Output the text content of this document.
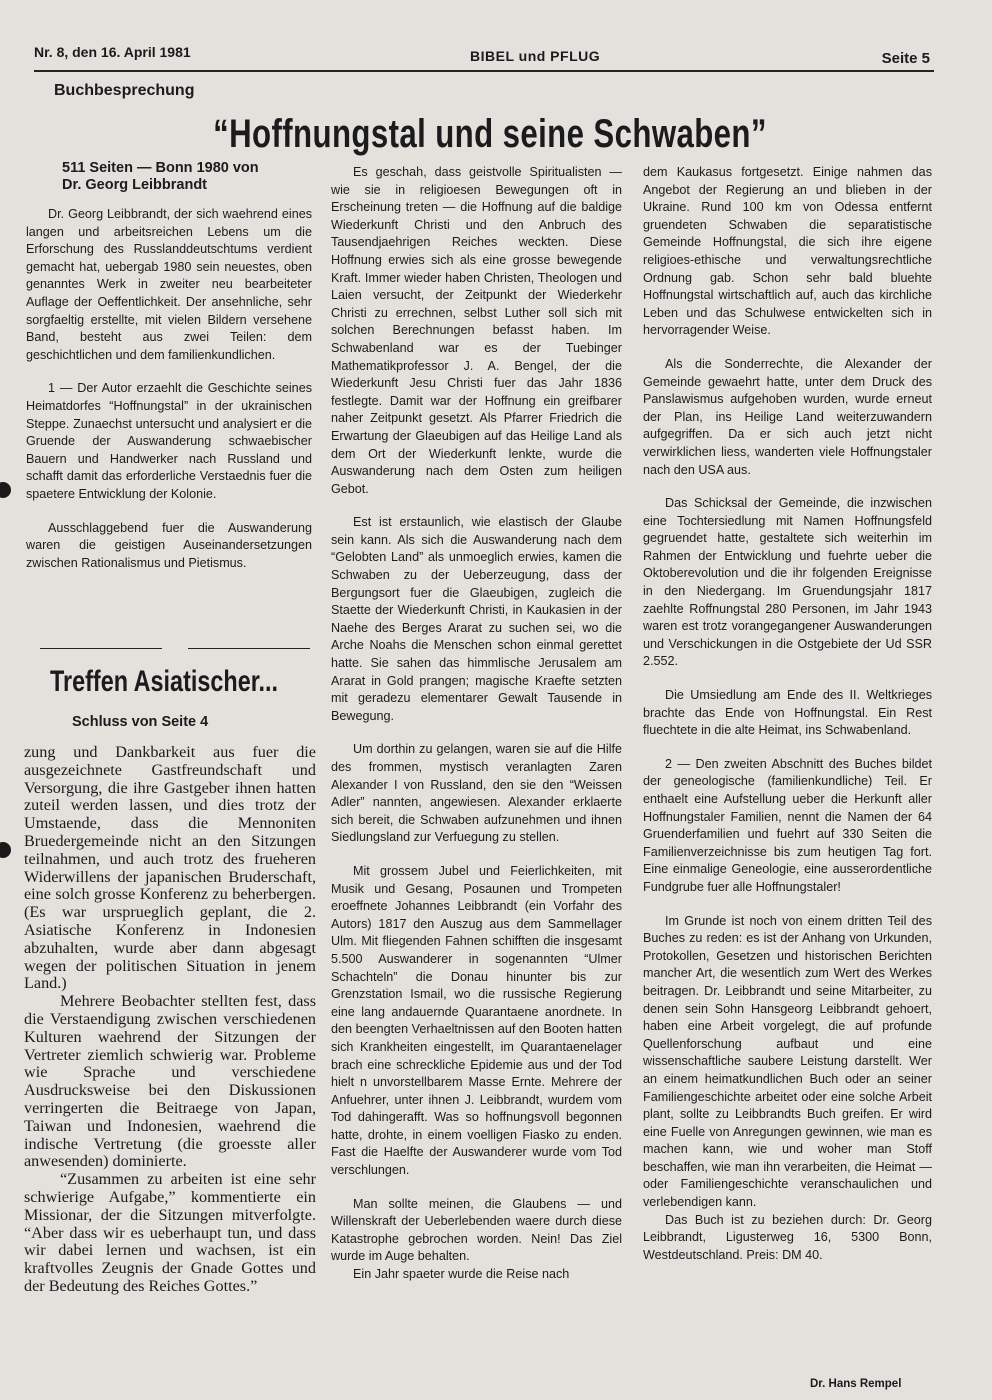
Nr. 8, den 16. April 1981	BIBEL und PFLUG	Seite 5
Buchbesprechung
“Hoffnungstal und seine Schwaben”
511 Seiten — Bonn 1980 von
Dr. Georg Leibbrandt

Dr. Georg Leibbrandt, der sich waehrend eines langen und arbeitsreichen Lebens um die Erforschung des Russlanddeutschtums verdient gemacht hat, uebergab 1980 sein neuestes, oben genanntes Werk in zweiter neu bearbeiteter Auflage der Oeffentlichkeit. Der ansehnliche, sehr sorgfaeltig erstellte, mit vielen Bildern versehene Band, besteht aus zwei Teilen: dem geschichtlichen und dem familienkundlichen.

1 — Der Autor erzaehlt die Geschichte seines Heimatdorfes “Hoffnungstal” in der ukrainischen Steppe. Zunaechst untersucht und analysiert er die Gruende der Auswanderung schwaebischer Bauern und Handwerker nach Russland und schafft damit das erforderliche Verstaednis fuer die spaetere Entwicklung der Kolonie.

Ausschlaggebend fuer die Auswanderung waren die geistigen Auseinandersetzungen zwischen Rationalismus und Pietismus.

Treffen Asiatischer...
Schluss von Seite 4

zung und Dankbarkeit aus fuer die ausgezeichnete Gastfreundschaft und Versorgung, die ihre Gastgeber ihnen hatten zuteil werden lassen, und dies trotz der Umstaende, dass die Mennoniten Bruedergemeinde nicht an den Sitzungen teilnahmen, und auch trotz des frueheren Widerwillens der japanischen Bruderschaft, eine solch grosse Konferenz zu beherbergen. (Es war ursprueglich geplant, die 2. Asiatische Konferenz in Indonesien abzuhalten, wurde aber dann abgesagt wegen der politischen Situation in jenem Land.)

Mehrere Beobachter stellten fest, dass die Verstaendigung zwischen verschiedenen Kulturen waehrend der Sitzungen der Vertreter ziemlich schwierig war. Probleme wie Sprache und verschiedene Ausdrucksweise bei den Diskussionen verringerten die Beitraege von Japan, Taiwan und Indonesien, waehrend die indische Vertretung (die groesste aller anwesenden) dominierte.

“Zusammen zu arbeiten ist eine sehr schwierige Aufgabe,” kommentierte ein Missionar, der die Sitzungen mitverfolgte. “Aber dass wir es ueberhaupt tun, und dass wir dabei lernen und wachsen, ist ein kraftvolles Zeugnis der Gnade Gottes und der Bedeutung des Reiches Gottes.”

Es geschah, dass geistvolle Spiritualisten — wie sie in religioesen Bewegungen oft in Erscheinung treten — die Hoffnung auf die baldige Wiederkunft Christi und den Anbruch des Tausendjaehrigen Reiches weckten. Diese Hoffnung erwies sich als eine grosse bewegende Kraft. Immer wieder haben Christen, Theologen und Laien versucht, der Zeitpunkt der Wiederkehr Christi zu errechnen, selbst Luther soll sich mit solchen Berechnungen befasst haben. Im Schwabenland war es der Tuebinger Mathematikprofessor J. A. Bengel, der die Wiederkunft Jesu Christi fuer das Jahr 1836 festlegte. Damit war der Hoffnung ein greifbarer naher Zeitpunkt gesetzt. Als Pfarrer Friedrich die Erwartung der Glaeubigen auf das Heilige Land als dem Ort der Wiederkunft lenkte, wurde die Auswanderung nach dem Osten zum heiligen Gebot.

Est ist erstaunlich, wie elastisch der Glaube sein kann. Als sich die Auswanderung nach dem “Gelobten Land” als unmoeglich erwies, kamen die Schwaben zu der Ueberzeugung, dass der Bergungsort fuer die Glaeubigen, zugleich die Staette der Wiederkunft Christi, in Kaukasien in der Naehe des Berges Ararat zu suchen sei, wo die Arche Noahs die Menschen schon einmal gerettet hatte. Sie sahen das himmlische Jerusalem am Ararat in Gold prangen; magische Kraefte setzten mit geradezu elementarer Gewalt Tausende in Bewegung.

Um dorthin zu gelangen, waren sie auf die Hilfe des frommen, mystisch veranlagten Zaren Alexander I von Russland, den sie den “Weissen Adler” nannten, angewiesen. Alexander erklaerte sich bereit, die Schwaben aufzunehmen und ihnen Siedlungsland zur Verfuegung zu stellen.

Mit grossem Jubel und Feierlichkeiten, mit Musik und Gesang, Posaunen und Trompeten eroeffnete Johannes Leibbrandt (ein Vorfahr des Autors) 1817 den Auszug aus dem Sammellager Ulm. Mit fliegenden Fahnen schifften die insgesamt 5.500 Auswanderer in sogenannten “Ulmer Schachteln” die Donau hinunter bis zur Grenzstation Ismail, wo die russische Regierung eine lang andauernde Quarantaene anordnete. In den beengten Verhaeltnissen auf den Booten hatten sich Krankheiten eingestellt, im Quarantaenelager brach eine schreckliche Epidemie aus und der Tod hielt n unvorstellbarem Masse Ernte. Mehrere der Anfuehrer, unter ihnen J. Leibbrandt, wurdem vom Tod dahingerafft. Was so hoffnungsvoll begonnen hatte, drohte, in einem voelligen Fiasko zu enden. Fast die Haelfte der Auswanderer wurde vom Tod verschlungen.

Man sollte meinen, die Glaubens — und Willenskraft der Ueberlebenden waere durch diese Katastrophe gebrochen worden. Nein! Das Ziel wurde im Auge behalten.

Ein Jahr spaeter wurde die Reise nach

dem Kaukasus fortgesetzt. Einige nahmen das Angebot der Regierung an und blieben in der Ukraine. Rund 100 km von Odessa entfernt gruendeten Schwaben die separatistische Gemeinde Hoffnungstal, die sich ihre eigene religioes-ethische und verwaltungsrechtliche Ordnung gab. Schon sehr bald bluehte Hoffnungstal wirtschaftlich auf, auch das kirchliche Leben und das Schulwese entwickelten sich in hervorragender Weise.

Als die Sonderrechte, die Alexander der Gemeinde gewaehrt hatte, unter dem Druck des Panslawismus aufgehoben wurden, wurde erneut der Plan, ins Heilige Land weiterzuwandern aufgegriffen. Da er sich auch jetzt nicht verwirklichen liess, wanderten viele Hoffnungstaler nach den USA aus.

Das Schicksal der Gemeinde, die inzwischen eine Tochtersiedlung mit Namen Hoffnungsfeld gegruendet hatte, gestaltete sich weiterhin im Rahmen der Entwicklung und fuehrte ueber die Oktoberevolution und die ihr folgenden Ereignisse in den Niedergang. Im Gruendungsjahr 1817 zaehlte Roffnungstal 280 Personen, im Jahr 1943 waren est trotz vorangegangener Auswanderungen und Verschickungen in die Ostgebiete der Ud SSR 2.552.

Die Umsiedlung am Ende des II. Weltkrieges brachte das Ende von Hoffnungstal. Ein Rest fluechtete in die alte Heimat, ins Schwabenland.

2 — Den zweiten Abschnitt des Buches bildet der geneologische (familienkundliche) Teil. Er enthaelt eine Aufstellung ueber die Herkunft aller Hoffnungstaler Familien, nennt die Namen der 64 Gruenderfamilien und fuehrt auf 330 Seiten die Familienverzeichnisse bis zum heutigen Tag fort. Eine einmalige Geneologie, eine ausserordentliche Fundgrube fuer alle Hoffnungstaler!

Im Grunde ist noch von einem dritten Teil des Buches zu reden: es ist der Anhang von Urkunden, Protokollen, Gesetzen und historischen Berichten mancher Art, die wesentlich zum Wert des Werkes beitragen. Dr. Leibbrandt und seine Mitarbeiter, zu denen sein Sohn Hansgeorg Leibbrandt gehoert, haben eine Arbeit vorgelegt, die auf profunde Quellenforschung aufbaut und eine wissenschaftliche saubere Leistung darstellt. Wer an einem heimatkundlichen Buch oder an seiner Familiengeschichte arbeitet oder eine solche Arbeit plant, sollte zu Leibbrandts Buch greifen. Er wird eine Fuelle von Anregungen gewinnen, wie man es machen kann, wie und woher man Stoff beschaffen, wie man ihn verarbeiten, die Heimat — oder Familiengeschichte veranschaulichen und verlebendigen kann.

Das Buch ist zu beziehen durch: Dr. Georg Leibbrandt, Ligusterweg 16, 5300 Bonn, Westdeutschland. Preis: DM 40.

Dr. Hans Rempel
